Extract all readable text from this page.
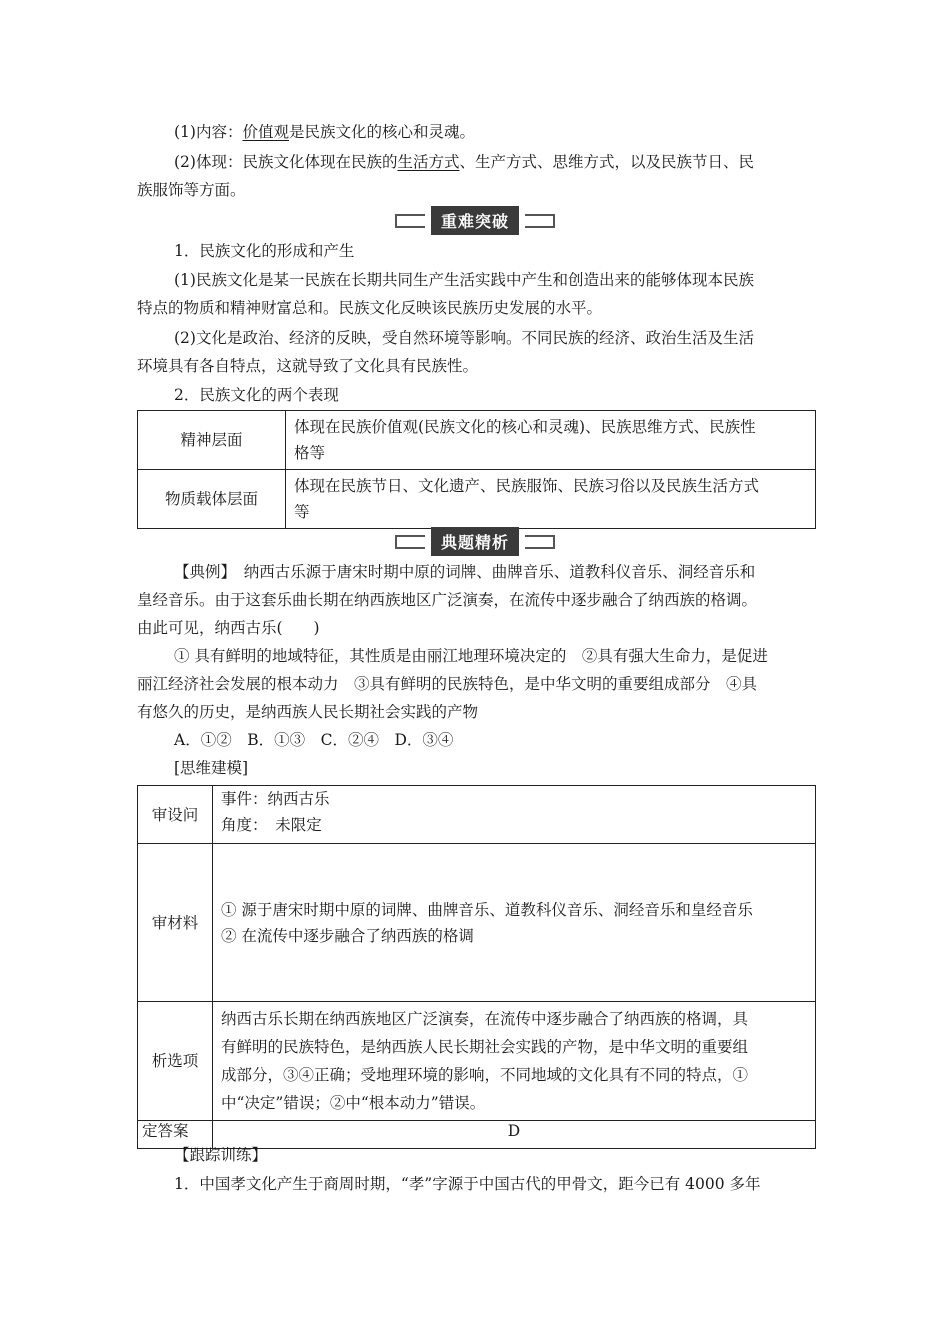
(1)内容：价值观是民族文化的核心和灵魂。
(2)体现：民族文化体现在民族的生活方式、生产方式、思维方式，以及民族节日、民
族服饰等方面。
重难突破
1．民族文化的形成和产生
(1)民族文化是某一民族在长期共同生产生活实践中产生和创造出来的能够体现本民族
特点的物质和精神财富总和。民族文化反映该民族历史发展的水平。
(2)文化是政治、经济的反映，受自然环境等影响。不同民族的经济、政治生活及生活
环境具有各自特点，这就导致了文化具有民族性。
2．民族文化的两个表现
精神层面	体现在民族价值观(民族文化的核心和灵魂)、民族思维方式、民族性
格等

物质载体层面	体现在民族节日、文化遗产、民族服饰、民族习俗以及民族生活方式
等
典题精析
【典例】　纳西古乐源于唐宋时期中原的词牌、曲牌音乐、道教科仪音乐、洞经音乐和
皇经音乐。由于这套乐曲长期在纳西族地区广泛演奏，在流传中逐步融合了纳西族的格调。
由此可见，纳西古乐(　　)
① 具有鲜明的地域特征，其性质是由丽江地理环境决定的　②具有强大生命力，是促进
丽江经济社会发展的根本动力　③具有鲜明的民族特色，是中华文明的重要组成部分　④具
有悠久的历史，是纳西族人民长期社会实践的产物
A．①②　B．①③　C．②④　D．③④
[思维建模]
审设问	事件：纳西古乐
角度：　未限定

审材料	① 源于唐宋时期中原的词牌、曲牌音乐、道教科仪音乐、洞经音乐和皇经音乐
② 在流传中逐步融合了纳西族的格调

析选项	纳西古乐长期在纳西族地区广泛演奏，在流传中逐步融合了纳西族的格调，具
有鲜明的民族特色，是纳西族人民长期社会实践的产物，是中华文明的重要组
成部分，③④正确；受地理环境的影响，不同地域的文化具有不同的特点，①
中“决定”错误；②中“根本动力”错误。

定答案	D
【跟踪训练】
1．中国孝文化产生于商周时期，“孝”字源于中国古代的甲骨文，距今已有 4000 多年
